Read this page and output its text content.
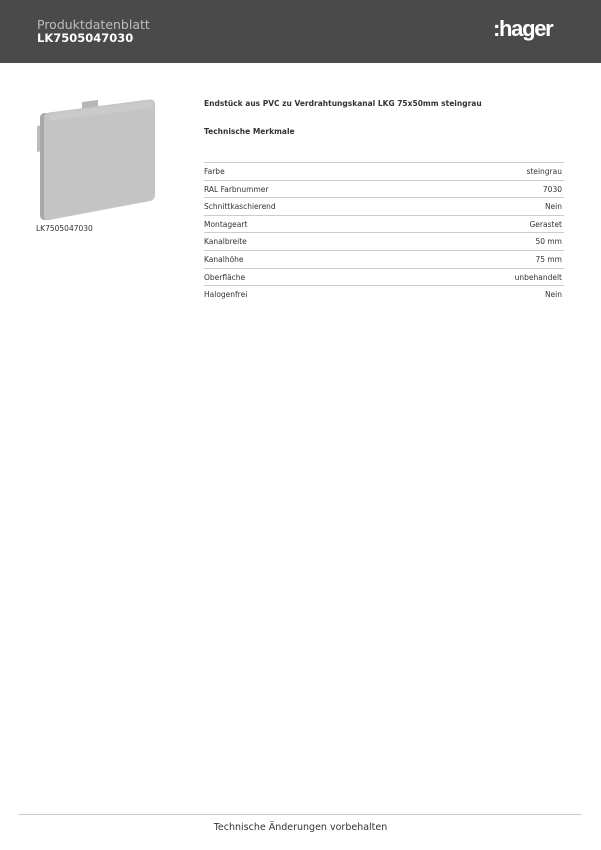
Produktdatenblatt
LK7505047030	:hager
LK7505047030
Endstück aus PVC zu Verdrahtungskanal LKG 75x50mm steingrau
Technische Merkmale
Farbe	steingrau
RAL Farbnummer	7030
Schnittkaschierend	Nein
Montageart	Gerastet
Kanalbreite	50 mm
Kanalhöhe	75 mm
Oberfläche	unbehandelt
Halogenfrei	Nein
Technische Änderungen vorbehalten
